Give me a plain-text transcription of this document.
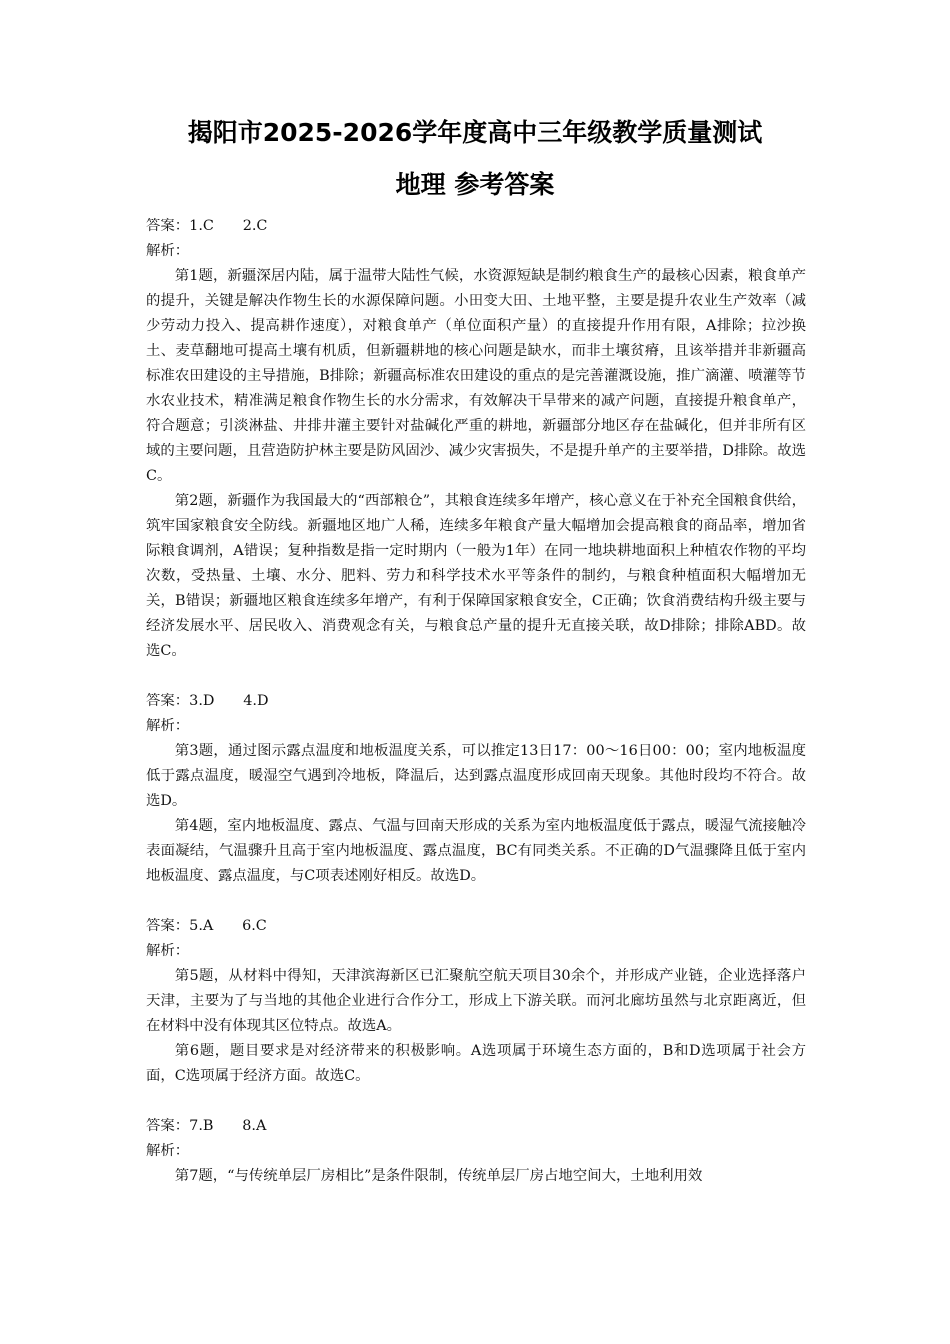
揭阳市2025-2026学年度高中三年级教学质量测试
地理 参考答案

答案：1.C　　2.C

解析：

第1题，新疆深居内陆，属于温带大陆性气候，水资源短缺是制约粮食生产的最核心因素，粮食单产的提升，关键是解决作物生长的水源保障问题。小田变大田、土地平整，主要是提升农业生产效率（减少劳动力投入、提高耕作速度），对粮食单产（单位面积产量）的直接提升作用有限，A排除；拉沙换土、麦草翻地可提高土壤有机质，但新疆耕地的核心问题是缺水，而非土壤贫瘠，且该举措并非新疆高标准农田建设的主导措施，B排除；新疆高标准农田建设的重点的是完善灌溉设施，推广滴灌、喷灌等节水农业技术，精准满足粮食作物生长的水分需求，有效解决干旱带来的减产问题，直接提升粮食单产，符合题意；引淡淋盐、井排井灌主要针对盐碱化严重的耕地，新疆部分地区存在盐碱化，但并非所有区域的主要问题，且营造防护林主要是防风固沙、减少灾害损失，不是提升单产的主要举措，D排除。故选C。

第2题，新疆作为我国最大的“西部粮仓”，其粮食连续多年增产，核心意义在于补充全国粮食供给，筑牢国家粮食安全防线。新疆地区地广人稀，连续多年粮食产量大幅增加会提高粮食的商品率，增加省际粮食调剂，A错误；复种指数是指一定时期内（一般为1年）在同一地块耕地面积上种植农作物的平均次数，受热量、土壤、水分、肥料、劳力和科学技术水平等条件的制约，与粮食种植面积大幅增加无关，B错误；新疆地区粮食连续多年增产，有利于保障国家粮食安全，C正确；饮食消费结构升级主要与经济发展水平、居民收入、消费观念有关，与粮食总产量的提升无直接关联，故D排除；排除ABD。故选C。

答案：3.D　　4.D

解析：

第3题，通过图示露点温度和地板温度关系，可以推定13日17：00～16日00：00；室内地板温度低于露点温度，暖湿空气遇到冷地板，降温后，达到露点温度形成回南天现象。其他时段均不符合。故选D。

第4题，室内地板温度、露点、气温与回南天形成的关系为室内地板温度低于露点，暖湿气流接触冷表面凝结，气温骤升且高于室内地板温度、露点温度，BC有同类关系。不正确的D气温骤降且低于室内地板温度、露点温度，与C项表述刚好相反。故选D。

答案：5.A　　6.C

解析：

第5题，从材料中得知，天津滨海新区已汇聚航空航天项目30余个，并形成产业链，企业选择落户天津，主要为了与当地的其他企业进行合作分工，形成上下游关联。而河北廊坊虽然与北京距离近，但在材料中没有体现其区位特点。故选A。

第6题，题目要求是对经济带来的积极影响。A选项属于环境生态方面的，B和D选项属于社会方面，C选项属于经济方面。故选C。

答案：7.B　　8.A

解析：

第7题，“与传统单层厂房相比”是条件限制，传统单层厂房占地空间大，土地利用效
